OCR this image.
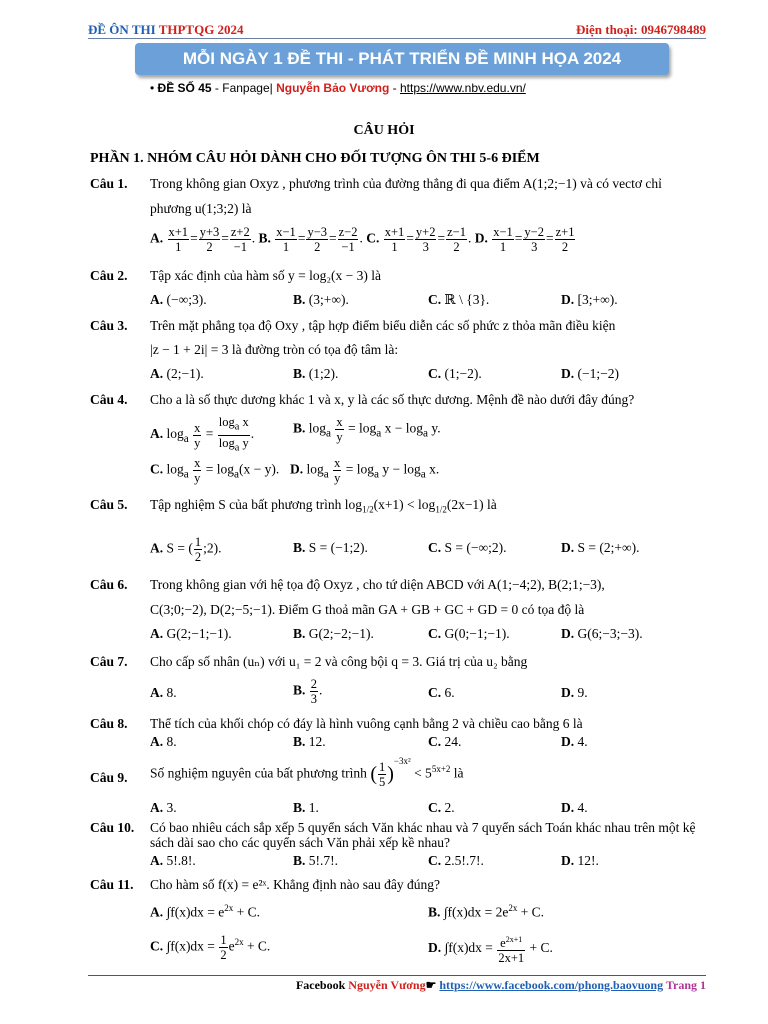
ĐỀ ÔN THI THPTQG 2024	Điện thoại: 0946798489
MỖI NGÀY 1 ĐỀ THI - PHÁT TRIỂN ĐỀ MINH HỌA 2024
• ĐỀ SỐ 45 - Fanpage| Nguyễn Bảo Vương - https://www.nbv.edu.vn/
CÂU HỎI
PHẦN 1. NHÓM CÂU HỎI DÀNH CHO ĐỐI TƯỢNG ÔN THI 5-6 ĐIỂM
Câu 1. Trong không gian Oxyz , phương trình của đường thẳng đi qua điểm A(1;2;−1) và có vectơ chỉ
phương u(1;3;2) là
A. $\frac{x+1}{1} = \frac{y+3}{2} = \frac{z+2}{-1}$ . B. $\frac{x-1}{1} = \frac{y-3}{2} = \frac{z-2}{-1}$ . C. $\frac{x+1}{1} = \frac{y+2}{3} = \frac{z-1}{2}$ . D. $\frac{x-1}{1} = \frac{y-2}{3} = \frac{z+1}{2}$
Câu 2. Tập xác định của hàm số y = log₂(x − 3) là
A. (−∞;3).	B. (3;+∞).	C. ℝ \ {3}.	D. [3;+∞).
Câu 3. Trên mặt phẳng tọa độ Oxy , tập hợp điểm biểu diễn các số phức z thỏa mãn điều kiện
|z − 1 + 2i| = 3 là đường tròn có tọa độ tâm là:
A. (2;−1).	B. (1;2).	C. (1;−2).	D. (−1;−2)
Câu 4. Cho a là số thực dương khác 1 và x, y là các số thực dương. Mệnh đề nào dưới đây đúng?
A. $\log_a \frac{x}{y} = \frac{\log_a x}{\log_a y}$ .	B. $\log_a \frac{x}{y} = \log_a x - \log_a y$.
C. $\log_a \frac{x}{y} = \log_a(x - y)$. D. $\log_a \frac{x}{y} = \log_a y - \log_a x$.
Câu 5. Tập nghiệm S của bất phương trình $\log_{1/2}(x+1) < \log_{1/2}(2x-1)$ là
A. S = ( $\frac{1}{2}$ ;2).	B. S = (−1;2).	C. S = (−∞;2).	D. S = (2;+∞).
Câu 6. Trong không gian với hệ tọa độ Oxyz , cho tứ diện ABCD với A(1;−4;2), B(2;1;−3),
C(3;0;−2), D(2;−5;−1). Điểm G thoả mãn GA + GB + GC + GD = 0 có tọa độ là
A. G(2;−1;−1).	B. G(2;−2;−1).	C. G(0;−1;−1).	D. G(6;−3;−3).
Câu 7. Cho cấp số nhân (uₙ) với u₁ = 2 và công bội q = 3. Giá trị của u₂ bằng
A. 8.	B. $\frac{2}{3}$ .	C. 6.	D. 9.
Câu 8. Thể tích của khối chóp có đáy là hình vuông cạnh bằng 2 và chiều cao bằng 6 là
A. 8.	B. 12.	C. 24.	D. 4.
Câu 9. Số nghiệm nguyên của bất phương trình ( $\frac{1}{5} )^{-3x^2} < 5^{5x+2}$ là
A. 3.	B. 1.	C. 2.	D. 4.
Câu 10. Có bao nhiêu cách sắp xếp 5 quyển sách Văn khác nhau và 7 quyển sách Toán khác nhau trên một kệ sách dài sao cho các quyển sách Văn phải xếp kề nhau?
A. 5!.8!.	B. 5!.7!.	C. 2.5!.7!.	D. 12!.
Câu 11. Cho hàm số f(x) = e²ˣ. Khẳng định nào sau đây đúng?
A. $\int f(x)dx = e^{2x} + C$.	B. $\int f(x)dx = 2e^{2x} + C$.
C. $\int f(x)dx = \frac{1}{2} e^{2x} + C$.	D. $\int f(x)dx = \frac{e^{2x+1}}{2x+1} + C$.
Facebook Nguyễn Vương☛ https://www.facebook.com/phong.baovuong Trang 1
